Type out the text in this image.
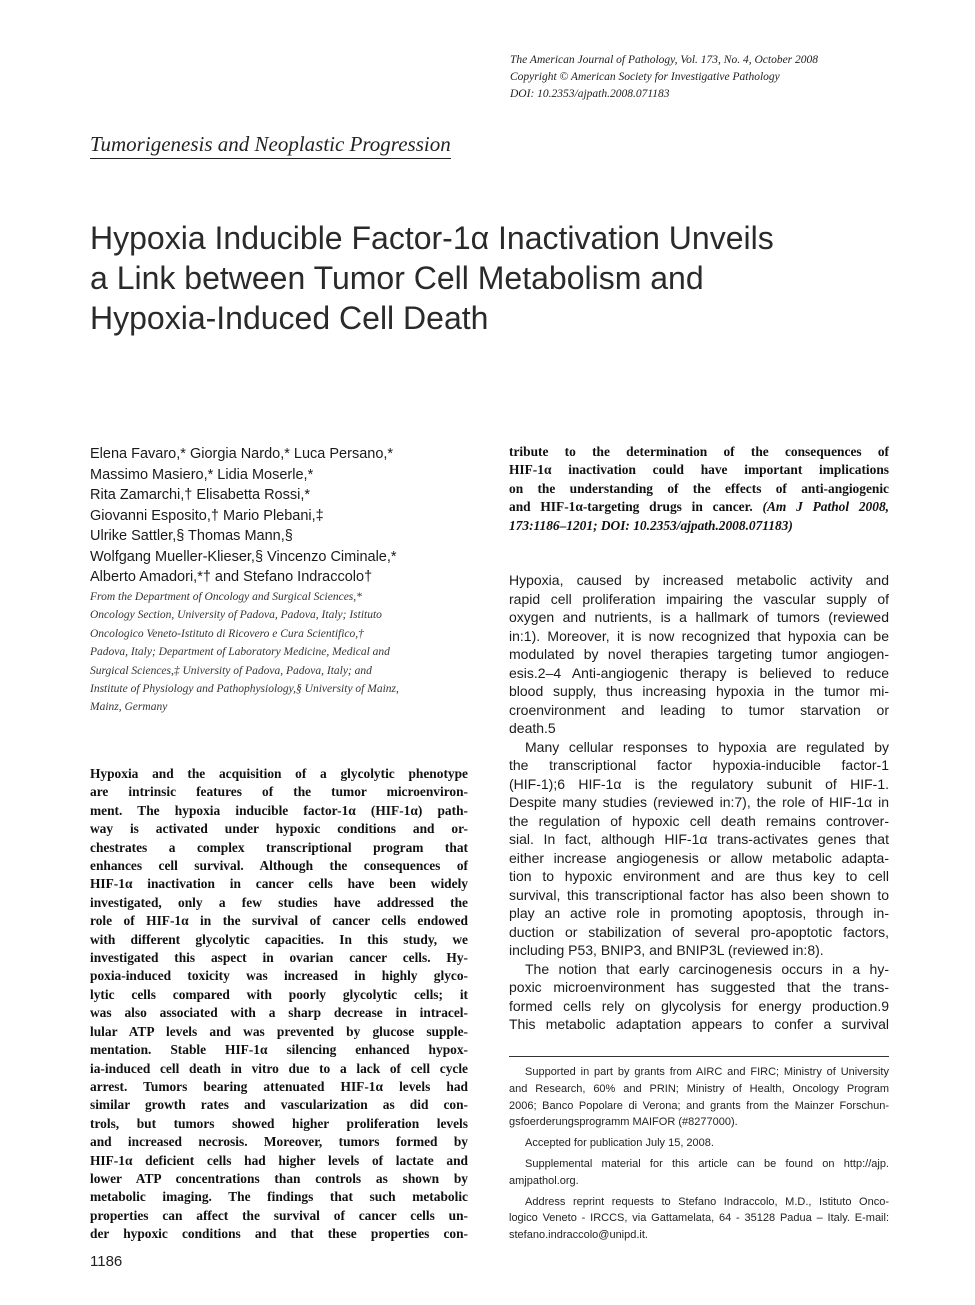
The American Journal of Pathology, Vol. 173, No. 4, October 2008
Copyright © American Society for Investigative Pathology
DOI: 10.2353/ajpath.2008.071183
Tumorigenesis and Neoplastic Progression
Hypoxia Inducible Factor-1α Inactivation Unveils
a Link between Tumor Cell Metabolism and
Hypoxia-Induced Cell Death
Elena Favaro,* Giorgia Nardo,* Luca Persano,*
Massimo Masiero,* Lidia Moserle,*
Rita Zamarchi,† Elisabetta Rossi,*
Giovanni Esposito,† Mario Plebani,‡
Ulrike Sattler,§ Thomas Mann,§
Wolfgang Mueller-Klieser,§ Vincenzo Ciminale,*
Alberto Amadori,*† and Stefano Indraccolo†
From the Department of Oncology and Surgical Sciences,*
Oncology Section, University of Padova, Padova, Italy; Istituto
Oncologico Veneto-Istituto di Ricovero e Cura Scientifico,†
Padova, Italy; Department of Laboratory Medicine, Medical and
Surgical Sciences,‡ University of Padova, Padova, Italy; and
Institute of Physiology and Pathophysiology,§ University of Mainz,
Mainz, Germany
Hypoxia and the acquisition of a glycolytic phenotype
are intrinsic features of the tumor microenviron-
ment. The hypoxia inducible factor-1α (HIF-1α) path-
way is activated under hypoxic conditions and or-
chestrates a complex transcriptional program that
enhances cell survival. Although the consequences of
HIF-1α inactivation in cancer cells have been widely
investigated, only a few studies have addressed the
role of HIF-1α in the survival of cancer cells endowed
with different glycolytic capacities. In this study, we
investigated this aspect in ovarian cancer cells. Hy-
poxia-induced toxicity was increased in highly glyco-
lytic cells compared with poorly glycolytic cells; it
was also associated with a sharp decrease in intracel-
lular ATP levels and was prevented by glucose supple-
mentation. Stable HIF-1α silencing enhanced hypox-
ia-induced cell death in vitro due to a lack of cell cycle
arrest. Tumors bearing attenuated HIF-1α levels had
similar growth rates and vascularization as did con-
trols, but tumors showed higher proliferation levels
and increased necrosis. Moreover, tumors formed by
HIF-1α deficient cells had higher levels of lactate and
lower ATP concentrations than controls as shown by
metabolic imaging. The findings that such metabolic
properties can affect the survival of cancer cells un-
der hypoxic conditions and that these properties con-
tribute to the determination of the consequences of
HIF-1α inactivation could have important implications
on the understanding of the effects of anti-angiogenic
and HIF-1α-targeting drugs in cancer. (Am J Pathol 2008,
173:1186–1201; DOI: 10.2353/ajpath.2008.071183)
Hypoxia, caused by increased metabolic activity and
rapid cell proliferation impairing the vascular supply of
oxygen and nutrients, is a hallmark of tumors (reviewed
in:1). Moreover, it is now recognized that hypoxia can be
modulated by novel therapies targeting tumor angiogen-
esis.2–4 Anti-angiogenic therapy is believed to reduce
blood supply, thus increasing hypoxia in the tumor mi-
croenvironment and leading to tumor starvation or
death.5
Many cellular responses to hypoxia are regulated by
the transcriptional factor hypoxia-inducible factor-1
(HIF-1);6 HIF-1α is the regulatory subunit of HIF-1.
Despite many studies (reviewed in:7), the role of HIF-1α in
the regulation of hypoxic cell death remains controver-
sial. In fact, although HIF-1α trans-activates genes that
either increase angiogenesis or allow metabolic adapta-
tion to hypoxic environment and are thus key to cell
survival, this transcriptional factor has also been shown to
play an active role in promoting apoptosis, through in-
duction or stabilization of several pro-apoptotic factors,
including P53, BNIP3, and BNIP3L (reviewed in:8).
The notion that early carcinogenesis occurs in a hy-
poxic microenvironment has suggested that the trans-
formed cells rely on glycolysis for energy production.9
This metabolic adaptation appears to confer a survival
Supported in part by grants from AIRC and FIRC; Ministry of University
and Research, 60% and PRIN; Ministry of Health, Oncology Program
2006; Banco Popolare di Verona; and grants from the Mainzer Forschun-
gsfoerderungsprogramm MAIFOR (#8277000).
Accepted for publication July 15, 2008.
Supplemental material for this article can be found on http://ajp.
amjpathol.org.
Address reprint requests to Stefano Indraccolo, M.D., Istituto Onco-
logico Veneto - IRCCS, via Gattamelata, 64 - 35128 Padua – Italy. E-mail:
stefano.indraccolo@unipd.it.
1186
